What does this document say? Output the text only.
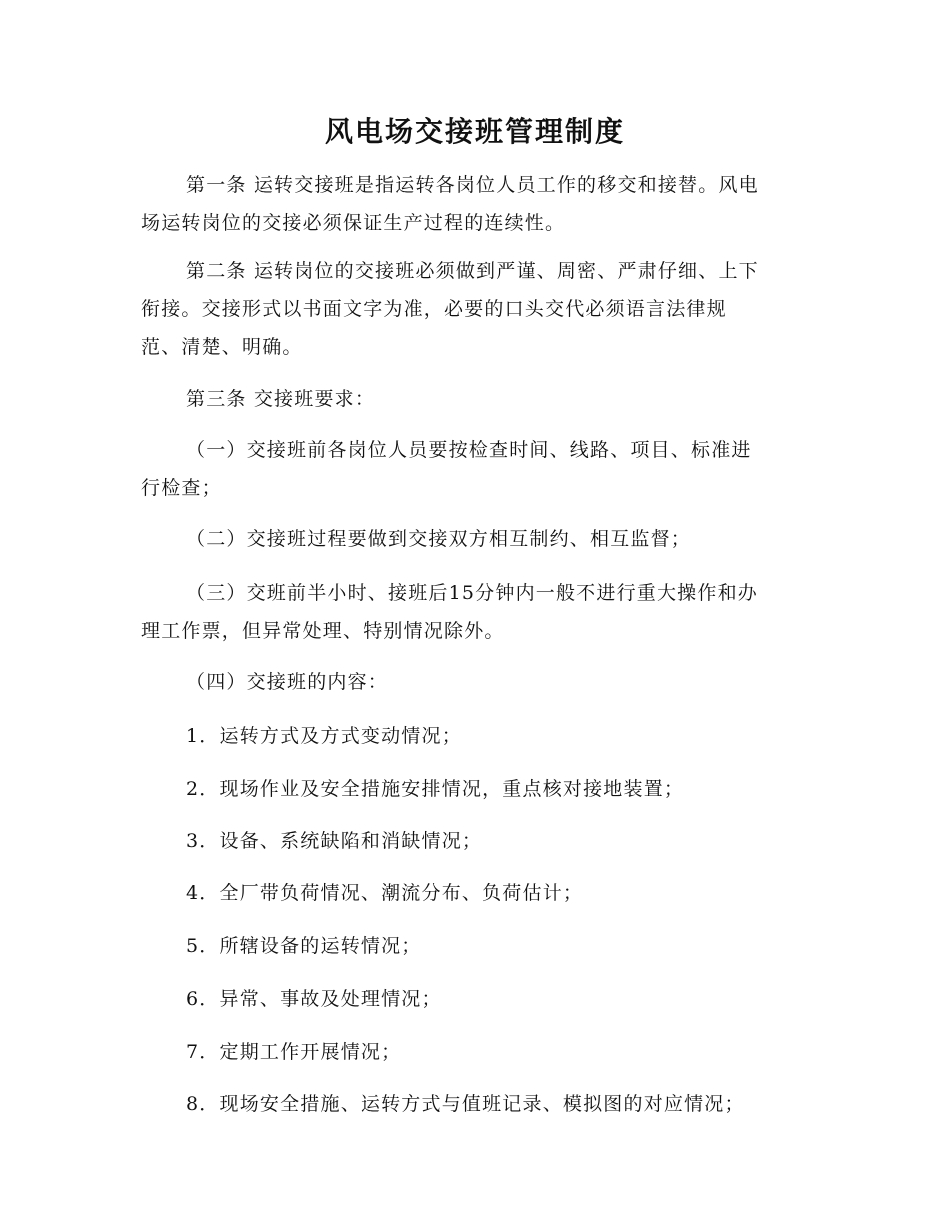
风电场交接班管理制度

第一条 运转交接班是指运转各岗位人员工作的移交和接替。风电
场运转岗位的交接必须保证生产过程的连续性。

第二条 运转岗位的交接班必须做到严谨、周密、严肃仔细、上下
衔接。交接形式以书面文字为准，必要的口头交代必须语言法律规
范、清楚、明确。

第三条 交接班要求：

（一）交接班前各岗位人员要按检查时间、线路、项目、标准进
行检查；

（二）交接班过程要做到交接双方相互制约、相互监督；

（三）交班前半小时、接班后15分钟内一般不进行重大操作和办
理工作票，但异常处理、特别情况除外。

（四）交接班的内容：

1．运转方式及方式变动情况；

2．现场作业及安全措施安排情况，重点核对接地装置；

3．设备、系统缺陷和消缺情况；

4．全厂带负荷情况、潮流分布、负荷估计；

5．所辖设备的运转情况；

6．异常、事故及处理情况；

7．定期工作开展情况；

8．现场安全措施、运转方式与值班记录、模拟图的对应情况；
